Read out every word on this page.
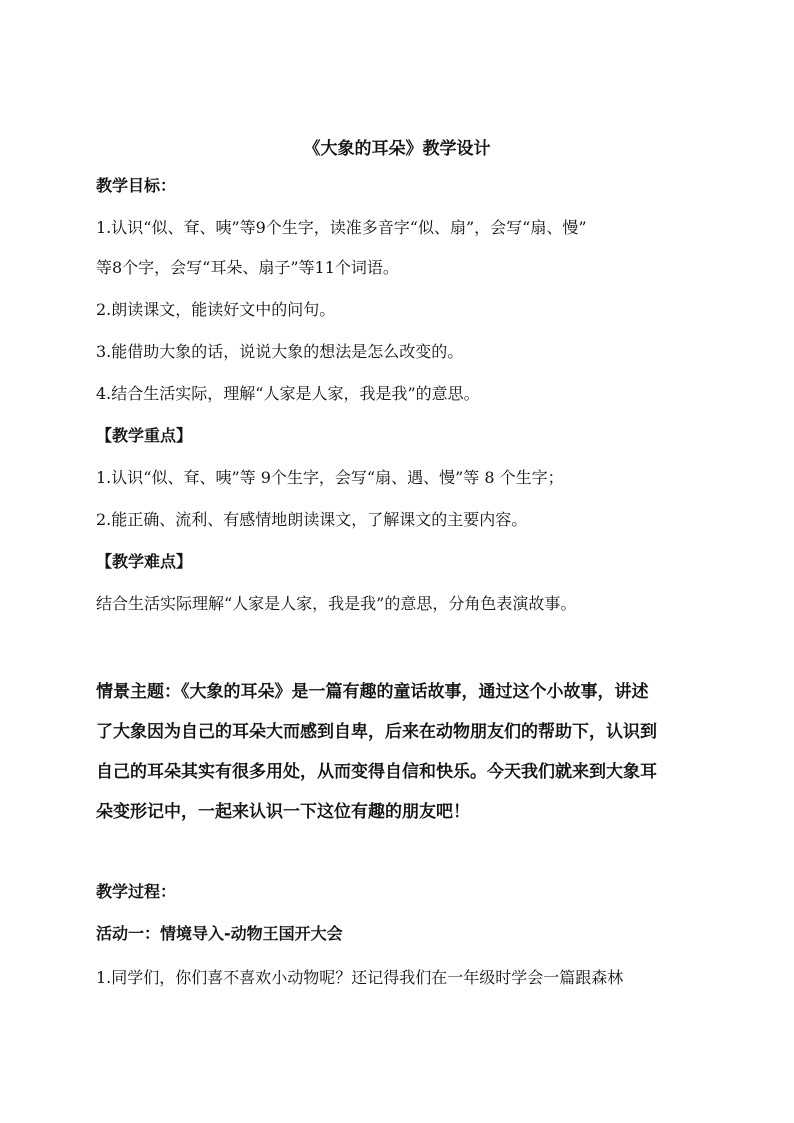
《大象的耳朵》教学设计
教学目标：
1.认识“似、耷、咦”等9个生字，读准多音字“似、扇”，会写“扇、慢”
等8个字，会写“耳朵、扇子”等11个词语。
2.朗读课文，能读好文中的问句。
3.能借助大象的话，说说大象的想法是怎么改变的。
4.结合生活实际，理解“人家是人家，我是我”的意思。
【教学重点】
1.认识“似、耷、咦”等 9个生字，会写“扇、遇、慢”等 8 个生字；
2.能正确、流利、有感情地朗读课文，了解课文的主要内容。
【教学难点】
结合生活实际理解“人家是人家，我是我”的意思，分角色表演故事。
情景主题：《大象的耳朵》是一篇有趣的童话故事，通过这个小故事，讲述
了大象因为自己的耳朵大而感到自卑，后来在动物朋友们的帮助下，认识到
自己的耳朵其实有很多用处，从而变得自信和快乐。今天我们就来到大象耳
朵变形记中，一起来认识一下这位有趣的朋友吧！
教学过程：
活动一：情境导入-动物王国开大会
1.同学们，你们喜不喜欢小动物呢？还记得我们在一年级时学会一篇跟森林
